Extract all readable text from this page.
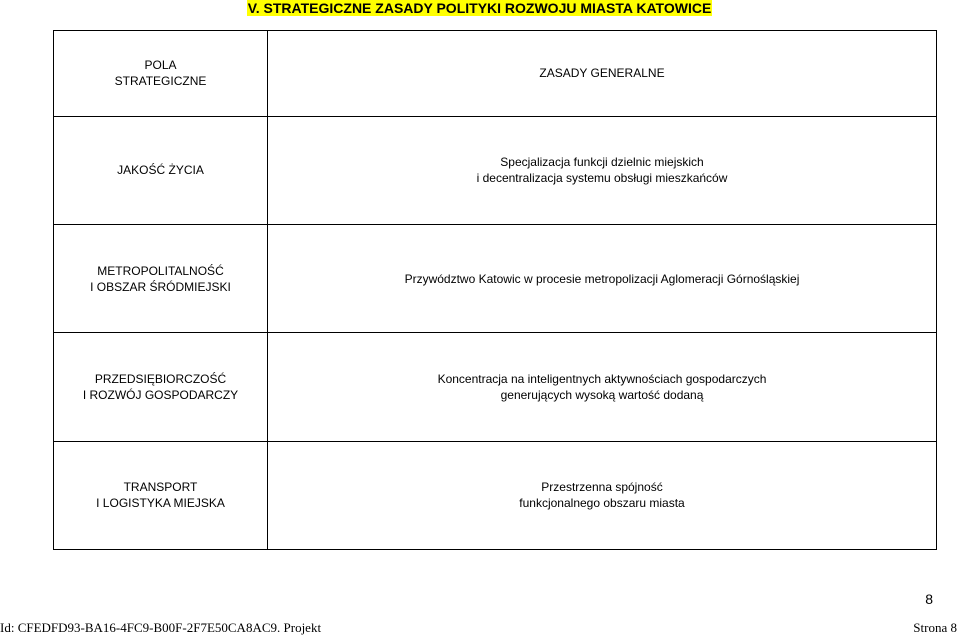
V. STRATEGICZNE ZASADY POLITYKI ROZWOJU MIASTA KATOWICE
POLA
STRATEGICZNE	ZASADY GENERALNE

JAKOŚĆ ŻYCIA	Specjalizacja funkcji dzielnic miejskich
i decentralizacja systemu obsługi mieszkańców

METROPOLITALNOŚĆ
I OBSZAR ŚRÓDMIEJSKI	Przywództwo Katowic w procesie metropolizacji Aglomeracji Górnośląskiej

PRZEDSIĘBIORCZOŚĆ
I ROZWÓJ GOSPODARCZY	Koncentracja na inteligentnych aktywnościach gospodarczych
generujących wysoką wartość dodaną

TRANSPORT
I LOGISTYKA MIEJSKA	Przestrzenna spójność
funkcjonalnego obszaru miasta
8
Id: CFEDFD93-BA16-4FC9-B00F-2F7E50CA8AC9. Projekt	Strona 8
